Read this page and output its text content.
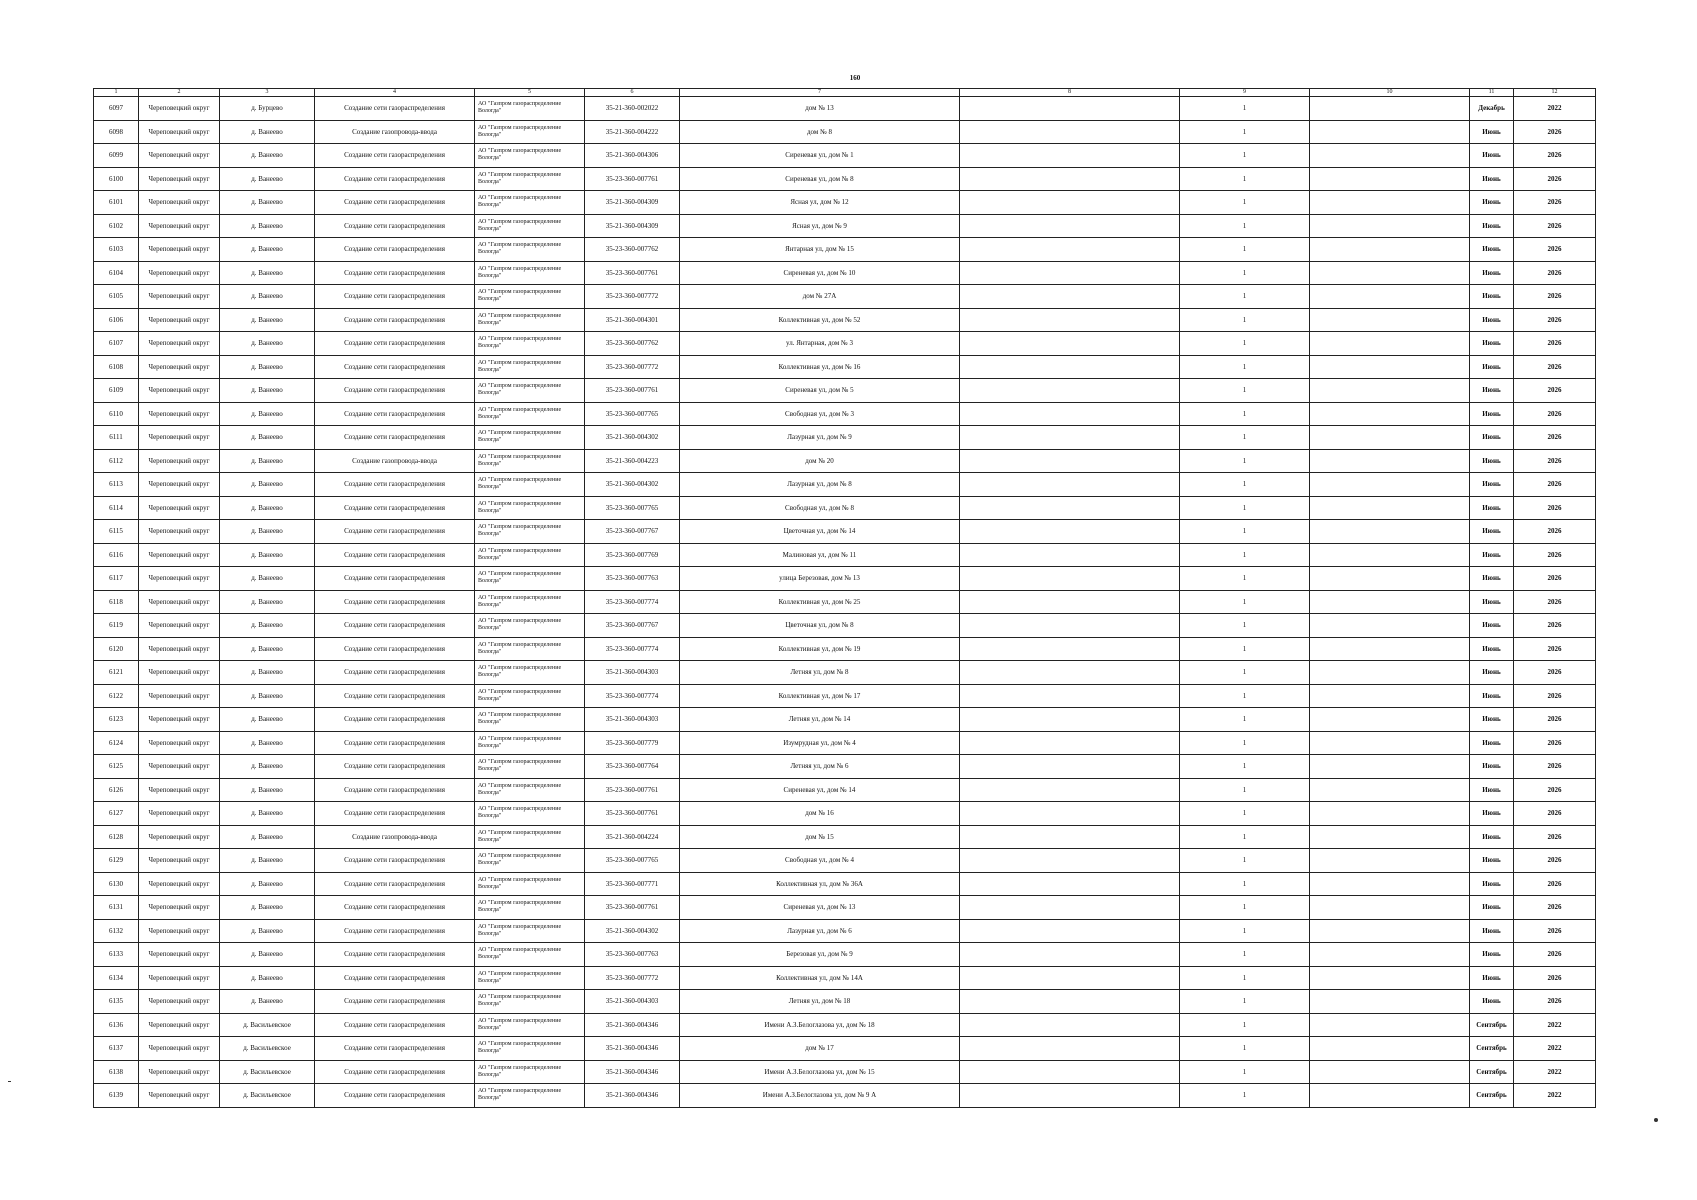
160
1	2	3	4	5	6	7	8	9	10	11	12
6097	Череповецкий округ	д. Бурцево	Создание сети газораспределения	АО "Газпром газораспределение Вологда"	35-21-360-002022	дом № 13		1		Декабрь	2022
6098	Череповецкий округ	д. Ванеево	Создание газопровода-ввода	АО "Газпром газораспределение Вологда"	35-21-360-004222	дом № 8		1		Июнь	2026
6099	Череповецкий округ	д. Ванеево	Создание сети газораспределения	АО "Газпром газораспределение Вологда"	35-21-360-004306	Сиреневая ул, дом № 1		1		Июнь	2026
6100	Череповецкий округ	д. Ванеево	Создание сети газораспределения	АО "Газпром газораспределение Вологда"	35-23-360-007761	Сиреневая ул, дом № 8		1		Июнь	2026
6101	Череповецкий округ	д. Ванеево	Создание сети газораспределения	АО "Газпром газораспределение Вологда"	35-21-360-004309	Ясная ул, дом № 12		1		Июнь	2026
6102	Череповецкий округ	д. Ванеево	Создание сети газораспределения	АО "Газпром газораспределение Вологда"	35-21-360-004309	Ясная ул, дом № 9		1		Июнь	2026
6103	Череповецкий округ	д. Ванеево	Создание сети газораспределения	АО "Газпром газораспределение Вологда"	35-23-360-007762	Янтарная ул, дом № 15		1		Июнь	2026
6104	Череповецкий округ	д. Ванеево	Создание сети газораспределения	АО "Газпром газораспределение Вологда"	35-23-360-007761	Сиреневая ул, дом № 10		1		Июнь	2026
6105	Череповецкий округ	д. Ванеево	Создание сети газораспределения	АО "Газпром газораспределение Вологда"	35-23-360-007772	дом № 27А		1		Июнь	2026
6106	Череповецкий округ	д. Ванеево	Создание сети газораспределения	АО "Газпром газораспределение Вологда"	35-21-360-004301	Коллективная ул, дом № 52		1		Июнь	2026
6107	Череповецкий округ	д. Ванеево	Создание сети газораспределения	АО "Газпром газораспределение Вологда"	35-23-360-007762	ул. Янтарная, дом № 3		1		Июнь	2026
6108	Череповецкий округ	д. Ванеево	Создание сети газораспределения	АО "Газпром газораспределение Вологда"	35-23-360-007772	Коллективная ул, дом № 16		1		Июнь	2026
6109	Череповецкий округ	д. Ванеево	Создание сети газораспределения	АО "Газпром газораспределение Вологда"	35-23-360-007761	Сиреневая ул, дом № 5		1		Июнь	2026
6110	Череповецкий округ	д. Ванеево	Создание сети газораспределения	АО "Газпром газораспределение Вологда"	35-23-360-007765	Свободная ул, дом № 3		1		Июнь	2026
6111	Череповецкий округ	д. Ванеево	Создание сети газораспределения	АО "Газпром газораспределение Вологда"	35-21-360-004302	Лазурная ул, дом № 9		1		Июнь	2026
6112	Череповецкий округ	д. Ванеево	Создание газопровода-ввода	АО "Газпром газораспределение Вологда"	35-21-360-004223	дом № 20		1		Июнь	2026
6113	Череповецкий округ	д. Ванеево	Создание сети газораспределения	АО "Газпром газораспределение Вологда"	35-21-360-004302	Лазурная ул, дом № 8		1		Июнь	2026
6114	Череповецкий округ	д. Ванеево	Создание сети газораспределения	АО "Газпром газораспределение Вологда"	35-23-360-007765	Свободная ул, дом № 8		1		Июнь	2026
6115	Череповецкий округ	д. Ванеево	Создание сети газораспределения	АО "Газпром газораспределение Вологда"	35-23-360-007767	Цветочная ул, дом № 14		1		Июнь	2026
6116	Череповецкий округ	д. Ванеево	Создание сети газораспределения	АО "Газпром газораспределение Вологда"	35-23-360-007769	Малиновая ул, дом № 11		1		Июнь	2026
6117	Череповецкий округ	д. Ванеево	Создание сети газораспределения	АО "Газпром газораспределение Вологда"	35-23-360-007763	улица Березовая, дом № 13		1		Июнь	2026
6118	Череповецкий округ	д. Ванеево	Создание сети газораспределения	АО "Газпром газораспределение Вологда"	35-23-360-007774	Коллективная ул, дом № 25		1		Июнь	2026
6119	Череповецкий округ	д. Ванеево	Создание сети газораспределения	АО "Газпром газораспределение Вологда"	35-23-360-007767	Цветочная ул, дом № 8		1		Июнь	2026
6120	Череповецкий округ	д. Ванеево	Создание сети газораспределения	АО "Газпром газораспределение Вологда"	35-23-360-007774	Коллективная ул, дом № 19		1		Июнь	2026
6121	Череповецкий округ	д. Ванеево	Создание сети газораспределения	АО "Газпром газораспределение Вологда"	35-21-360-004303	Летняя ул, дом № 8		1		Июнь	2026
6122	Череповецкий округ	д. Ванеево	Создание сети газораспределения	АО "Газпром газораспределение Вологда"	35-23-360-007774	Коллективная ул, дом № 17		1		Июнь	2026
6123	Череповецкий округ	д. Ванеево	Создание сети газораспределения	АО "Газпром газораспределение Вологда"	35-21-360-004303	Летняя ул, дом № 14		1		Июнь	2026
6124	Череповецкий округ	д. Ванеево	Создание сети газораспределения	АО "Газпром газораспределение Вологда"	35-23-360-007779	Изумрудная ул, дом № 4		1		Июнь	2026
6125	Череповецкий округ	д. Ванеево	Создание сети газораспределения	АО "Газпром газораспределение Вологда"	35-23-360-007764	Летняя ул, дом № 6		1		Июнь	2026
6126	Череповецкий округ	д. Ванеево	Создание сети газораспределения	АО "Газпром газораспределение Вологда"	35-23-360-007761	Сиреневая ул, дом № 14		1		Июнь	2026
6127	Череповецкий округ	д. Ванеево	Создание сети газораспределения	АО "Газпром газораспределение Вологда"	35-23-360-007761	дом № 16		1		Июнь	2026
6128	Череповецкий округ	д. Ванеево	Создание газопровода-ввода	АО "Газпром газораспределение Вологда"	35-21-360-004224	дом № 15		1		Июнь	2026
6129	Череповецкий округ	д. Ванеево	Создание сети газораспределения	АО "Газпром газораспределение Вологда"	35-23-360-007765	Свободная ул, дом № 4		1		Июнь	2026
6130	Череповецкий округ	д. Ванеево	Создание сети газораспределения	АО "Газпром газораспределение Вологда"	35-23-360-007771	Коллективная ул, дом № 36А		1		Июнь	2026
6131	Череповецкий округ	д. Ванеево	Создание сети газораспределения	АО "Газпром газораспределение Вологда"	35-23-360-007761	Сиреневая ул, дом № 13		1		Июнь	2026
6132	Череповецкий округ	д. Ванеево	Создание сети газораспределения	АО "Газпром газораспределение Вологда"	35-21-360-004302	Лазурная ул, дом № 6		1		Июнь	2026
6133	Череповецкий округ	д. Ванеево	Создание сети газораспределения	АО "Газпром газораспределение Вологда"	35-23-360-007763	Березовая ул, дом № 9		1		Июнь	2026
6134	Череповецкий округ	д. Ванеево	Создание сети газораспределения	АО "Газпром газораспределение Вологда"	35-23-360-007772	Коллективная ул, дом № 14А		1		Июнь	2026
6135	Череповецкий округ	д. Ванеево	Создание сети газораспределения	АО "Газпром газораспределение Вологда"	35-21-360-004303	Летняя ул, дом № 18		1		Июнь	2026
6136	Череповецкий округ	д. Васильевское	Создание сети газораспределения	АО "Газпром газораспределение Вологда"	35-21-360-004346	Имени А.З.Белоглазова ул, дом № 18		1		Сентябрь	2022
6137	Череповецкий округ	д. Васильевское	Создание сети газораспределения	АО "Газпром газораспределение Вологда"	35-21-360-004346	дом № 17		1		Сентябрь	2022
6138	Череповецкий округ	д. Васильевское	Создание сети газораспределения	АО "Газпром газораспределение Вологда"	35-21-360-004346	Имени А.З.Белоглазова ул, дом № 15		1		Сентябрь	2022
6139	Череповецкий округ	д. Васильевское	Создание сети газораспределения	АО "Газпром газораспределение Вологда"	35-21-360-004346	Имени А.З.Белоглазова ул, дом № 9 А		1		Сентябрь	2022
